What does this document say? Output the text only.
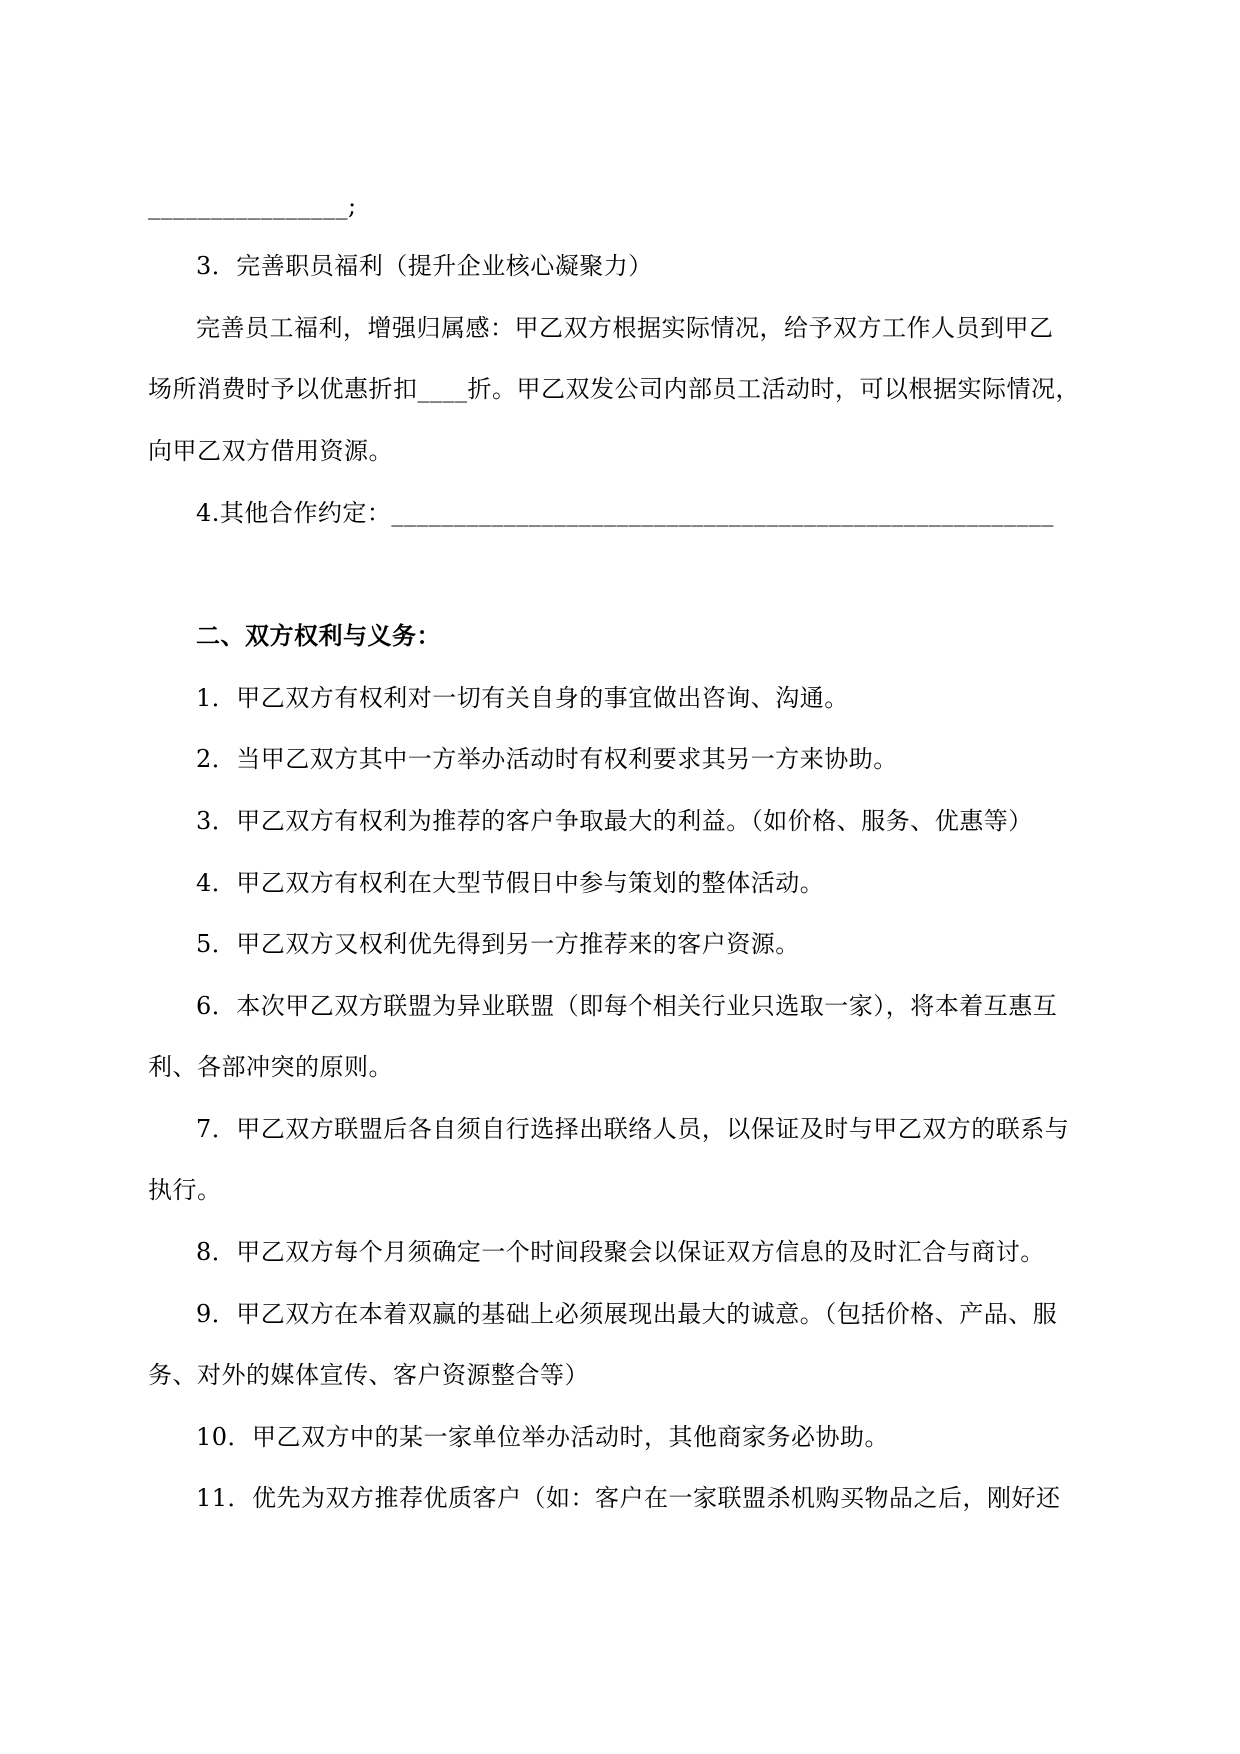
________________;
3．完善职员福利（提升企业核心凝聚力）
完善员工福利，增强归属感：甲乙双方根据实际情况，给予双方工作人员到甲乙
场所消费时予以优惠折扣____折。甲乙双发公司内部员工活动时，可以根据实际情况，
向甲乙双方借用资源。
4.其他合作约定：_____________________________________________________
二、双方权利与义务：
1．甲乙双方有权利对一切有关自身的事宜做出咨询、沟通。
2．当甲乙双方其中一方举办活动时有权利要求其另一方来协助。
3．甲乙双方有权利为推荐的客户争取最大的利益。（如价格、服务、优惠等）
4．甲乙双方有权利在大型节假日中参与策划的整体活动。
5．甲乙双方又权利优先得到另一方推荐来的客户资源。
6．本次甲乙双方联盟为异业联盟（即每个相关行业只选取一家），将本着互惠互
利、各部冲突的原则。
7．甲乙双方联盟后各自须自行选择出联络人员，以保证及时与甲乙双方的联系与
执行。
8．甲乙双方每个月须确定一个时间段聚会以保证双方信息的及时汇合与商讨。
9．甲乙双方在本着双赢的基础上必须展现出最大的诚意。（包括价格、产品、服
务、对外的媒体宣传、客户资源整合等）
10．甲乙双方中的某一家单位举办活动时，其他商家务必协助。
11．优先为双方推荐优质客户（如：客户在一家联盟杀机购买物品之后，刚好还
